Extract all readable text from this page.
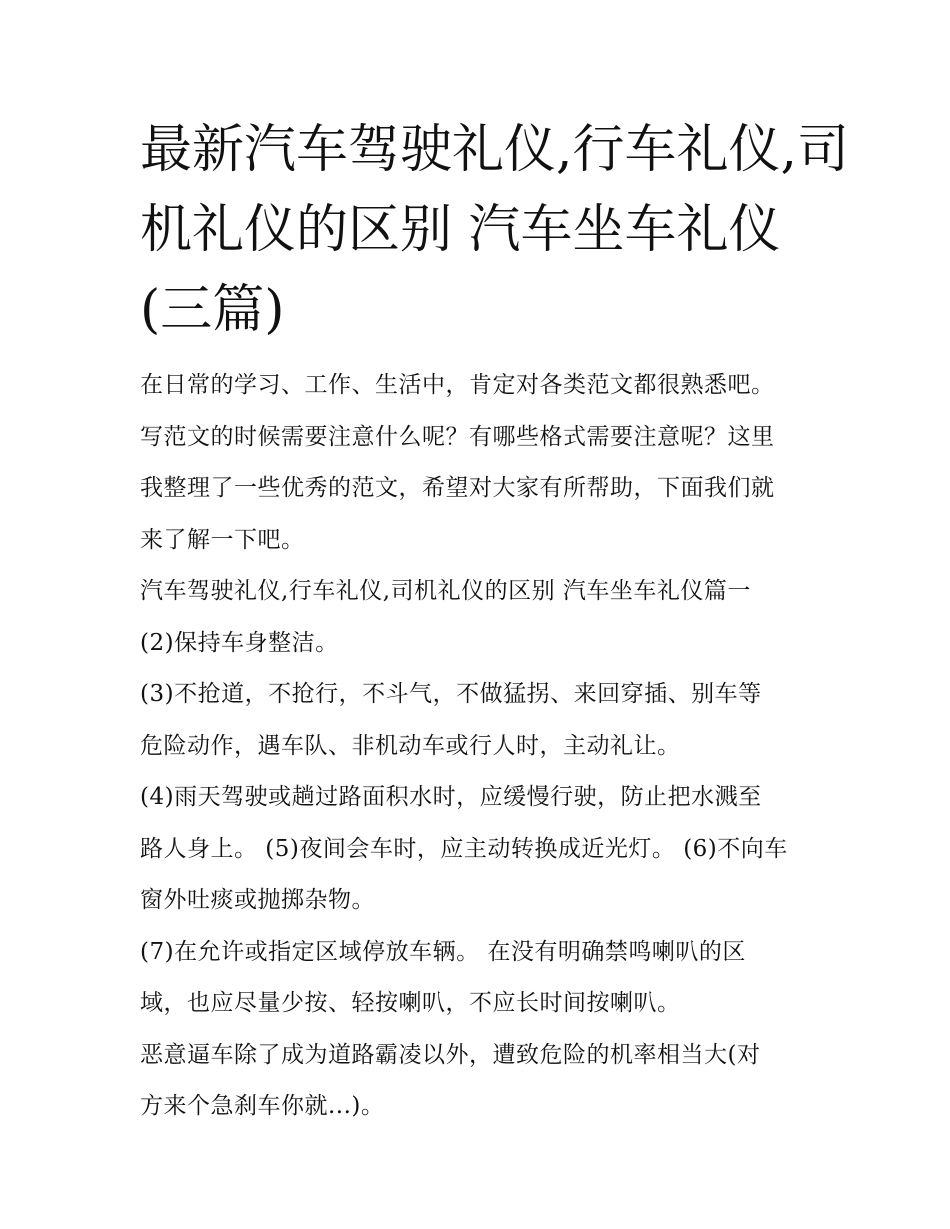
最新汽车驾驶礼仪,行车礼仪,司
机礼仪的区别 汽车坐车礼仪
(三篇)
在日常的学习、工作、生活中，肯定对各类范文都很熟悉吧。
写范文的时候需要注意什么呢？有哪些格式需要注意呢？这里
我整理了一些优秀的范文，希望对大家有所帮助，下面我们就
来了解一下吧。
汽车驾驶礼仪,行车礼仪,司机礼仪的区别 汽车坐车礼仪篇一
(2)保持车身整洁。
(3)不抢道，不抢行，不斗气，不做猛拐、来回穿插、别车等
危险动作，遇车队、非机动车或行人时，主动礼让。
(4)雨天驾驶或趟过路面积水时，应缓慢行驶，防止把水溅至
路人身上。 (5)夜间会车时，应主动转换成近光灯。 (6)不向车
窗外吐痰或抛掷杂物。
(7)在允许或指定区域停放车辆。 在没有明确禁鸣喇叭的区
域，也应尽量少按、轻按喇叭，不应长时间按喇叭。
恶意逼车除了成为道路霸凌以外，遭致危险的机率相当大(对
方来个急刹车你就...)。
